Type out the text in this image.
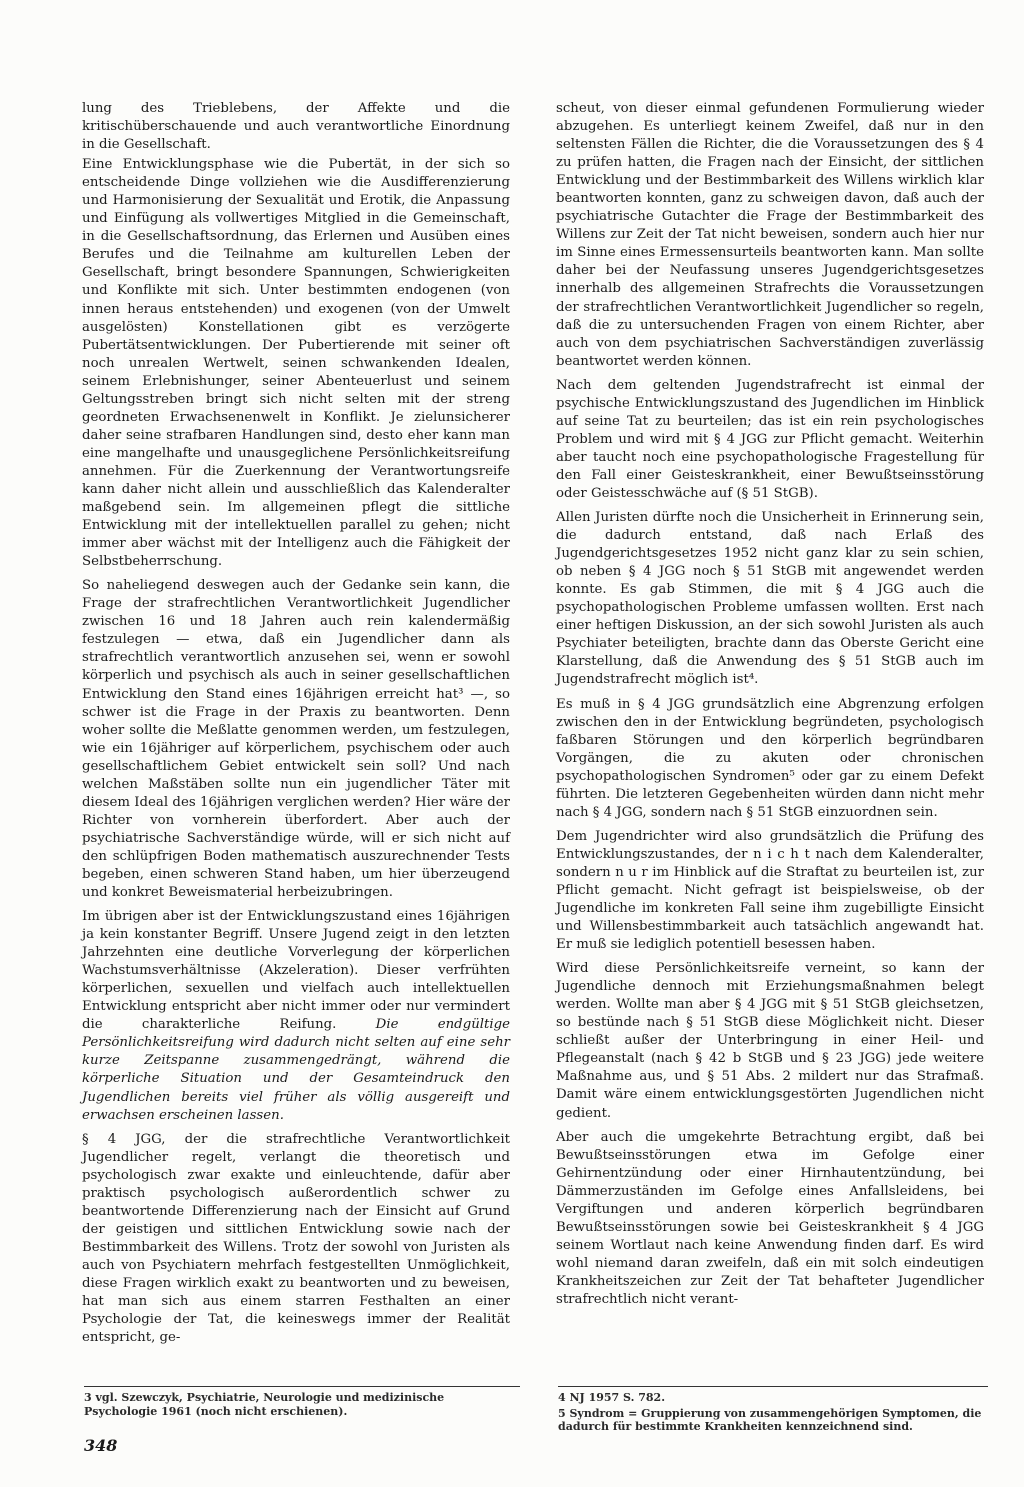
lung des Trieblebens, der Affekte und die kritischüberschauende und auch verantwortliche Einordnung in die Gesellschaft.

Eine Entwicklungsphase wie die Pubertät, in der sich so entscheidende Dinge vollziehen wie die Ausdifferenzierung und Harmonisierung der Sexualität und Erotik, die Anpassung und Einfügung als vollwertiges Mitglied in die Gemeinschaft, in die Gesellschaftsordnung, das Erlernen und Ausüben eines Berufes und die Teilnahme am kulturellen Leben der Gesellschaft, bringt besondere Spannungen, Schwierigkeiten und Konflikte mit sich. Unter bestimmten endogenen (von innen heraus entstehenden) und exogenen (von der Umwelt ausgelösten) Konstellationen gibt es verzögerte Pubertätsentwicklungen. Der Pubertierende mit seiner oft noch unrealen Wertwelt, seinen schwankenden Idealen, seinem Erlebnishunger, seiner Abenteuerlust und seinem Geltungsstreben bringt sich nicht selten mit der streng geordneten Erwachsenenwelt in Konflikt. Je zielunsicherer daher seine strafbaren Handlungen sind, desto eher kann man eine mangelhafte und unausgeglichene Persönlichkeitsreifung annehmen. Für die Zuerkennung der Verantwortungsreife kann daher nicht allein und ausschließlich das Kalenderalter maßgebend sein. Im allgemeinen pflegt die sittliche Entwicklung mit der intellektuellen parallel zu gehen; nicht immer aber wächst mit der Intelligenz auch die Fähigkeit der Selbstbeherrschung.

So naheliegend deswegen auch der Gedanke sein kann, die Frage der strafrechtlichen Verantwortlichkeit Jugendlicher zwischen 16 und 18 Jahren auch rein kalendermäßig festzulegen — etwa, daß ein Jugendlicher dann als strafrechtlich verantwortlich anzusehen sei, wenn er sowohl körperlich und psychisch als auch in seiner gesellschaftlichen Entwicklung den Stand eines 16jährigen erreicht hat³ —, so schwer ist die Frage in der Praxis zu beantworten. Denn woher sollte die Meßlatte genommen werden, um festzulegen, wie ein 16jähriger auf körperlichem, psychischem oder auch gesellschaftlichem Gebiet entwickelt sein soll? Und nach welchen Maßstäben sollte nun ein jugendlicher Täter mit diesem Ideal des 16jährigen verglichen werden? Hier wäre der Richter von vornherein überfordert. Aber auch der psychiatrische Sachverständige würde, will er sich nicht auf den schlüpfrigen Boden mathematisch auszurechnender Tests begeben, einen schweren Stand haben, um hier überzeugend und konkret Beweismaterial herbeizubringen.

Im übrigen aber ist der Entwicklungszustand eines 16jährigen ja kein konstanter Begriff. Unsere Jugend zeigt in den letzten Jahrzehnten eine deutliche Vorverlegung der körperlichen Wachstumsverhältnisse (Akzeleration). Dieser verfrühten körperlichen, sexuellen und vielfach auch intellektuellen Entwicklung entspricht aber nicht immer oder nur vermindert die charakterliche Reifung.	Die endgültige Persönlichkeitsreifung wird dadurch nicht selten auf eine sehr kurze Zeitspanne zusammengedrängt, während die körperliche Situation und der Gesamteindruck den Jugendlichen bereits viel früher als völlig ausgereift und erwachsen erscheinen lassen.

§ 4 JGG, der die strafrechtliche Verantwortlichkeit Jugendlicher regelt, verlangt die theoretisch und psychologisch zwar exakte und einleuchtende, dafür aber praktisch psychologisch außerordentlich schwer zu beantwortende Differenzierung nach der Einsicht auf Grund der geistigen und sittlichen Entwicklung sowie nach der Bestimmbarkeit des Willens. Trotz der sowohl von Juristen als auch von Psychiatern mehrfach festgestellten Unmöglichkeit, diese Fragen wirklich exakt zu beantworten und zu beweisen, hat man sich aus einem starren Festhalten an einer Psychologie der Tat, die keineswegs immer der Realität entspricht, ge-

scheut, von dieser einmal gefundenen Formulierung wieder abzugehen. Es unterliegt keinem Zweifel, daß nur in den seltensten Fällen die Richter, die die Voraussetzungen des § 4 zu prüfen hatten, die Fragen nach der Einsicht, der sittlichen Entwicklung und der Bestimmbarkeit des Willens wirklich klar beantworten konnten, ganz zu schweigen davon, daß auch der psychiatrische Gutachter die Frage der Bestimmbarkeit des Willens zur Zeit der Tat nicht beweisen, sondern auch hier nur im Sinne eines Ermessensurteils beantworten kann. Man sollte daher bei der Neufassung unseres Jugendgerichtsgesetzes innerhalb des allgemeinen Strafrechts die Voraussetzungen der strafrechtlichen Verantwortlichkeit Jugendlicher so regeln, daß die zu untersuchenden Fragen von einem Richter, aber auch von dem psychiatrischen Sachverständigen zuverlässig beantwortet werden können.

Nach dem geltenden Jugendstrafrecht ist einmal der psychische Entwicklungszustand des Jugendlichen im Hinblick auf seine Tat zu beurteilen; das ist ein rein psychologisches Problem und wird mit § 4 JGG zur Pflicht gemacht. Weiterhin aber taucht noch eine psychopathologische Fragestellung für den Fall einer Geisteskrankheit, einer Bewußtseinsstörung oder Geistesschwäche auf (§ 51 StGB).

Allen Juristen dürfte noch die Unsicherheit in Erinnerung sein, die dadurch entstand, daß nach Erlaß des Jugendgerichtsgesetzes 1952 nicht ganz klar zu sein schien, ob neben § 4 JGG noch § 51 StGB mit angewendet werden konnte. Es gab Stimmen, die mit § 4 JGG auch die psychopathologischen Probleme umfassen wollten. Erst nach einer heftigen Diskussion, an der sich sowohl Juristen als auch Psychiater beteiligten, brachte dann das Oberste Gericht eine Klarstellung, daß die Anwendung des § 51 StGB auch im Jugendstrafrecht möglich ist⁴.

Es muß in § 4 JGG grundsätzlich eine Abgrenzung erfolgen zwischen den in der Entwicklung begründeten, psychologisch faßbaren Störungen und den körperlich begründbaren Vorgängen, die zu akuten oder chronischen psychopathologischen Syndromen⁵ oder gar zu einem Defekt führten. Die letzteren Gegebenheiten würden dann nicht mehr nach § 4 JGG, sondern nach § 51 StGB einzuordnen sein.

Dem Jugendrichter wird also grundsätzlich die Prüfung des Entwicklungszustandes, der n i c h t nach dem Kalenderalter, sondern n u r im Hinblick auf die Straftat zu beurteilen ist, zur Pflicht gemacht. Nicht gefragt ist beispielsweise, ob der Jugendliche im konkreten Fall seine ihm zugebilligte Einsicht und Willensbestimmbarkeit auch tatsächlich angewandt hat. Er muß sie lediglich potentiell besessen haben.

Wird diese Persönlichkeitsreife verneint, so kann der Jugendliche dennoch mit Erziehungsmaßnahmen belegt werden. Wollte man aber § 4 JGG mit § 51 StGB gleichsetzen, so bestünde nach § 51 StGB diese Möglichkeit nicht. Dieser schließt außer der Unterbringung in einer Heil- und Pflegeanstalt (nach § 42 b StGB und § 23 JGG) jede weitere Maßnahme aus, und § 51 Abs. 2 mildert nur das Strafmaß. Damit wäre einem entwicklungsgestörten Jugendlichen nicht gedient.

Aber auch die umgekehrte Betrachtung ergibt, daß bei Bewußtseinsstörungen etwa im Gefolge einer Gehirnentzündung oder einer Hirnhautentzündung, bei Dämmerzuständen im Gefolge eines Anfallsleidens, bei Vergiftungen und anderen körperlich begründbaren Bewußtseinsstörungen sowie bei Geisteskrankheit § 4 JGG seinem Wortlaut nach keine Anwendung finden darf. Es wird wohl niemand daran zweifeln, daß ein mit solch eindeutigen Krankheitszeichen zur Zeit der Tat behafteter Jugendlicher strafrechtlich nicht verant-

3 vgl. Szewczyk, Psychiatrie, Neurologie und medizinische Psychologie 1961 (noch nicht erschienen).

4 NJ 1957 S. 782.

5 Syndrom = Gruppierung von zusammengehörigen Symptomen, die dadurch für bestimmte Krankheiten kennzeichnend sind.

348
